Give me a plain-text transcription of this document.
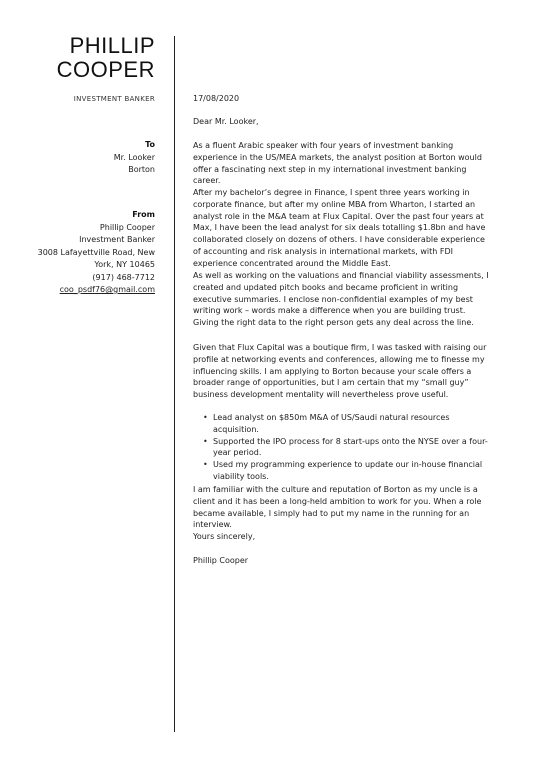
PHILLIP
COOPER
INVESTMENT BANKER
To
Mr. Looker
Borton
From
Phillip Cooper
Investment Banker
3008 Lafayettville Road, New
York, NY 10465
(917) 468-7712
coo_psdf76@gmail.com
17/08/2020
Dear Mr. Looker,
As a fluent Arabic speaker with four years of investment banking experience in the US/MEA markets, the analyst position at Borton would offer a fascinating next step in my international investment banking career.
After my bachelor’s degree in Finance, I spent three years working in corporate finance, but after my online MBA from Wharton, I started an analyst role in the M&A team at Flux Capital. Over the past four years at Max, I have been the lead analyst for six deals totalling $1.8bn and have collaborated closely on dozens of others. I have considerable experience of accounting and risk analysis in international markets, with FDI experience concentrated around the Middle East.
As well as working on the valuations and financial viability assessments, I created and updated pitch books and became proficient in writing executive summaries. I enclose non-confidential examples of my best writing work – words make a difference when you are building trust. Giving the right data to the right person gets any deal across the line.
Given that Flux Capital was a boutique firm, I was tasked with raising our profile at networking events and conferences, allowing me to finesse my influencing skills. I am applying to Borton because your scale offers a broader range of opportunities, but I am certain that my “small guy” business development mentality will nevertheless prove useful.
• Lead analyst on $850m M&A of US/Saudi natural resources acquisition.
• Supported the IPO process for 8 start-ups onto the NYSE over a four-year period.
• Used my programming experience to update our in-house financial viability tools.
I am familiar with the culture and reputation of Borton as my uncle is a client and it has been a long-held ambition to work for you. When a role became available, I simply had to put my name in the running for an interview.
Yours sincerely,
Phillip Cooper
